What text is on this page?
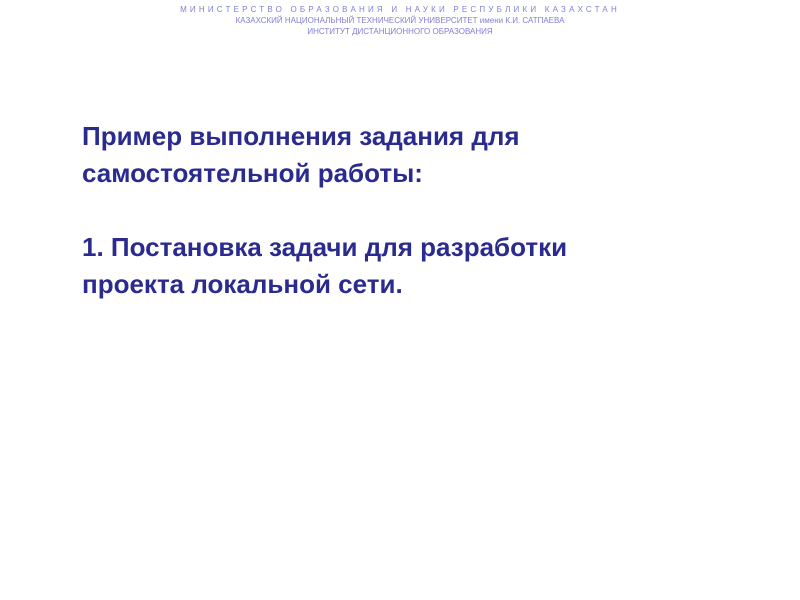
МИНИСТЕРСТВО ОБРАЗОВАНИЯ И НАУКИ РЕСПУБЛИКИ КАЗАХСТАН
КАЗАХСКИЙ НАЦИОНАЛЬНЫЙ ТЕХНИЧЕСКИЙ УНИВЕРСИТЕТ имени К.И. САТПАЕВА
ИНСТИТУТ ДИСТАНЦИОННОГО ОБРАЗОВАНИЯ

Пример выполнения задания для

самостоятельной работы:

1. Постановка задачи для разработки

проекта локальной сети.
